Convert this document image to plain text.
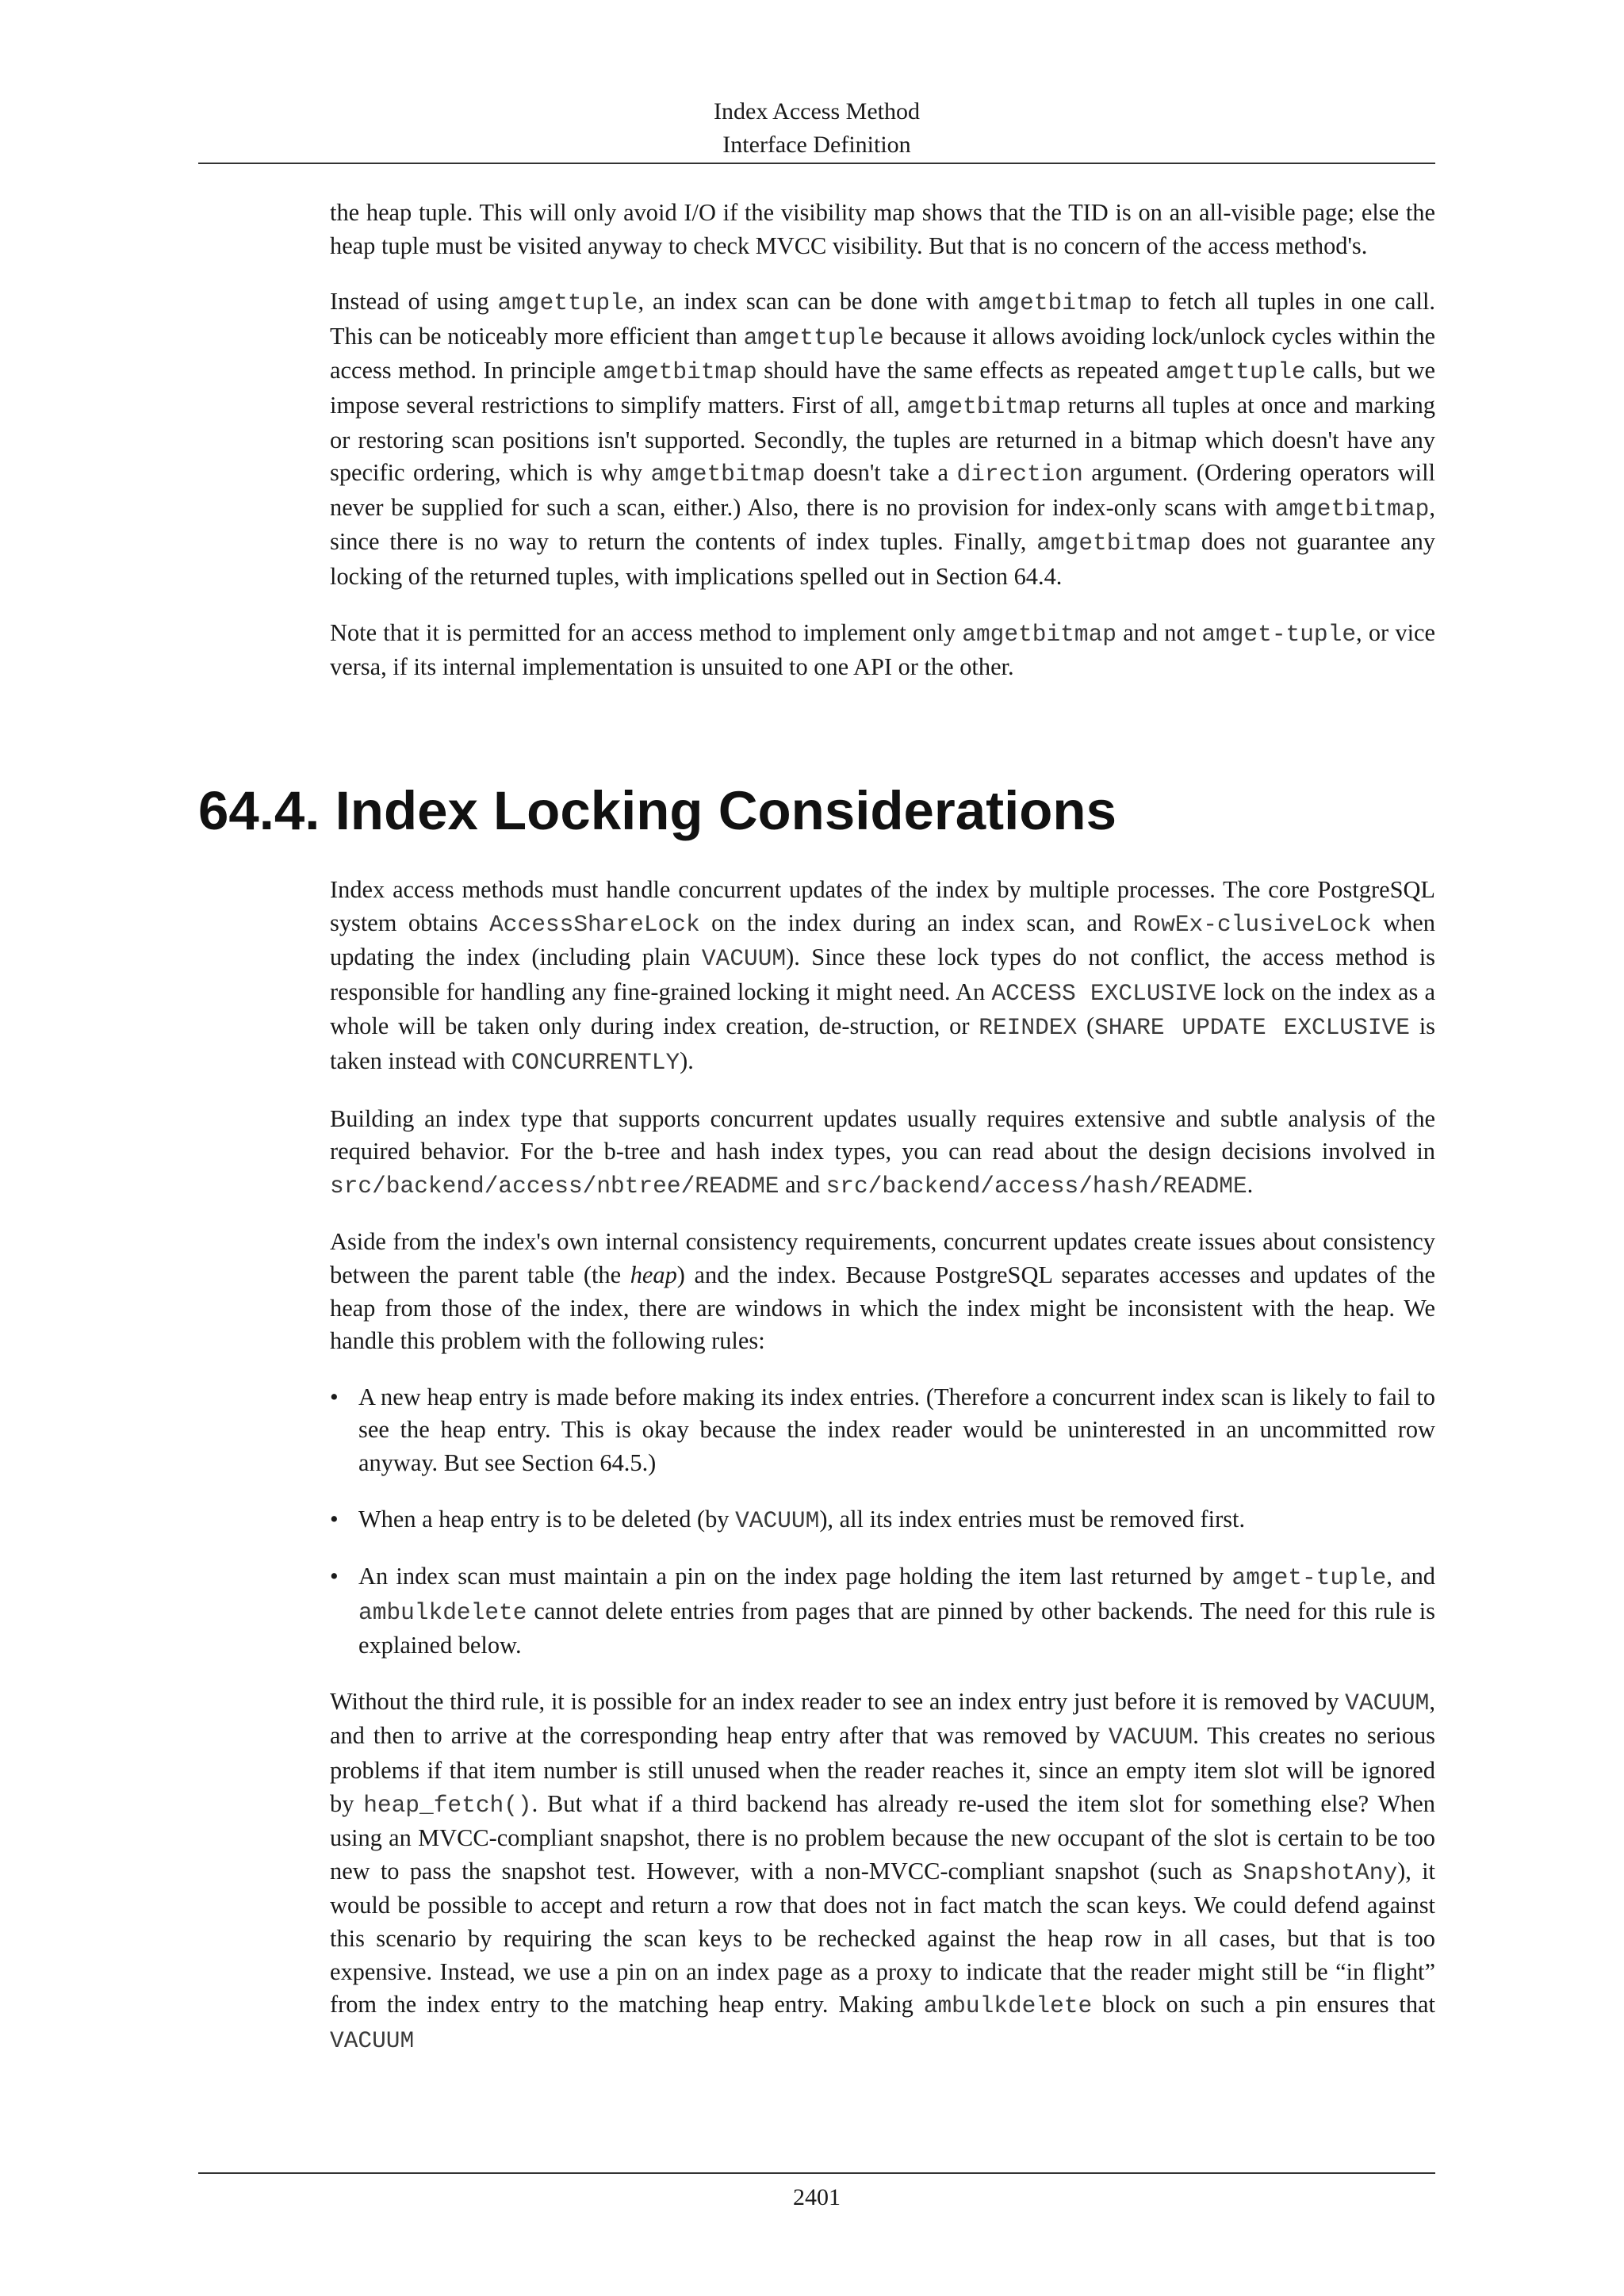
Index Access Method
Interface Definition

the heap tuple. This will only avoid I/O if the visibility map shows that the TID is on an all-visible page; else the heap tuple must be visited anyway to check MVCC visibility. But that is no concern of the access method's.

Instead of using amgettuple, an index scan can be done with amgetbitmap to fetch all tuples in one call. This can be noticeably more efficient than amgettuple because it allows avoiding lock/unlock cycles within the access method. In principle amgetbitmap should have the same effects as repeated amgettuple calls, but we impose several restrictions to simplify matters. First of all, amgetbitmap returns all tuples at once and marking or restoring scan positions isn't supported. Secondly, the tuples are returned in a bitmap which doesn't have any specific ordering, which is why amgetbitmap doesn't take a direction argument. (Ordering operators will never be supplied for such a scan, either.) Also, there is no provision for index-only scans with amgetbitmap, since there is no way to return the contents of index tuples. Finally, amgetbitmap does not guarantee any locking of the returned tuples, with implications spelled out in Section 64.4.

Note that it is permitted for an access method to implement only amgetbitmap and not amget-tuple, or vice versa, if its internal implementation is unsuited to one API or the other.

64.4. Index Locking Considerations

Index access methods must handle concurrent updates of the index by multiple processes. The core PostgreSQL system obtains AccessShareLock on the index during an index scan, and RowEx-clusiveLock when updating the index (including plain VACUUM). Since these lock types do not conflict, the access method is responsible for handling any fine-grained locking it might need. An ACCESS EXCLUSIVE lock on the index as a whole will be taken only during index creation, de-struction, or REINDEX (SHARE UPDATE EXCLUSIVE is taken instead with CONCURRENTLY).

Building an index type that supports concurrent updates usually requires extensive and subtle analysis of the required behavior. For the b-tree and hash index types, you can read about the design decisions involved in src/backend/access/nbtree/README and src/backend/access/hash/README.

Aside from the index's own internal consistency requirements, concurrent updates create issues about consistency between the parent table (the heap) and the index. Because PostgreSQL separates accesses and updates of the heap from those of the index, there are windows in which the index might be inconsistent with the heap. We handle this problem with the following rules:

• A new heap entry is made before making its index entries. (Therefore a concurrent index scan is likely to fail to see the heap entry. This is okay because the index reader would be uninterested in an uncommitted row anyway. But see Section 64.5.)
• When a heap entry is to be deleted (by VACUUM), all its index entries must be removed first.
• An index scan must maintain a pin on the index page holding the item last returned by amget-tuple, and ambulkdelete cannot delete entries from pages that are pinned by other backends. The need for this rule is explained below.

Without the third rule, it is possible for an index reader to see an index entry just before it is removed by VACUUM, and then to arrive at the corresponding heap entry after that was removed by VACUUM. This creates no serious problems if that item number is still unused when the reader reaches it, since an empty item slot will be ignored by heap_fetch(). But what if a third backend has already re-used the item slot for something else? When using an MVCC-compliant snapshot, there is no problem because the new occupant of the slot is certain to be too new to pass the snapshot test. However, with a non-MVCC-compliant snapshot (such as SnapshotAny), it would be possible to accept and return a row that does not in fact match the scan keys. We could defend against this scenario by requiring the scan keys to be rechecked against the heap row in all cases, but that is too expensive. Instead, we use a pin on an index page as a proxy to indicate that the reader might still be “in flight” from the index entry to the matching heap entry. Making ambulkdelete block on such a pin ensures that VACUUM

2401
